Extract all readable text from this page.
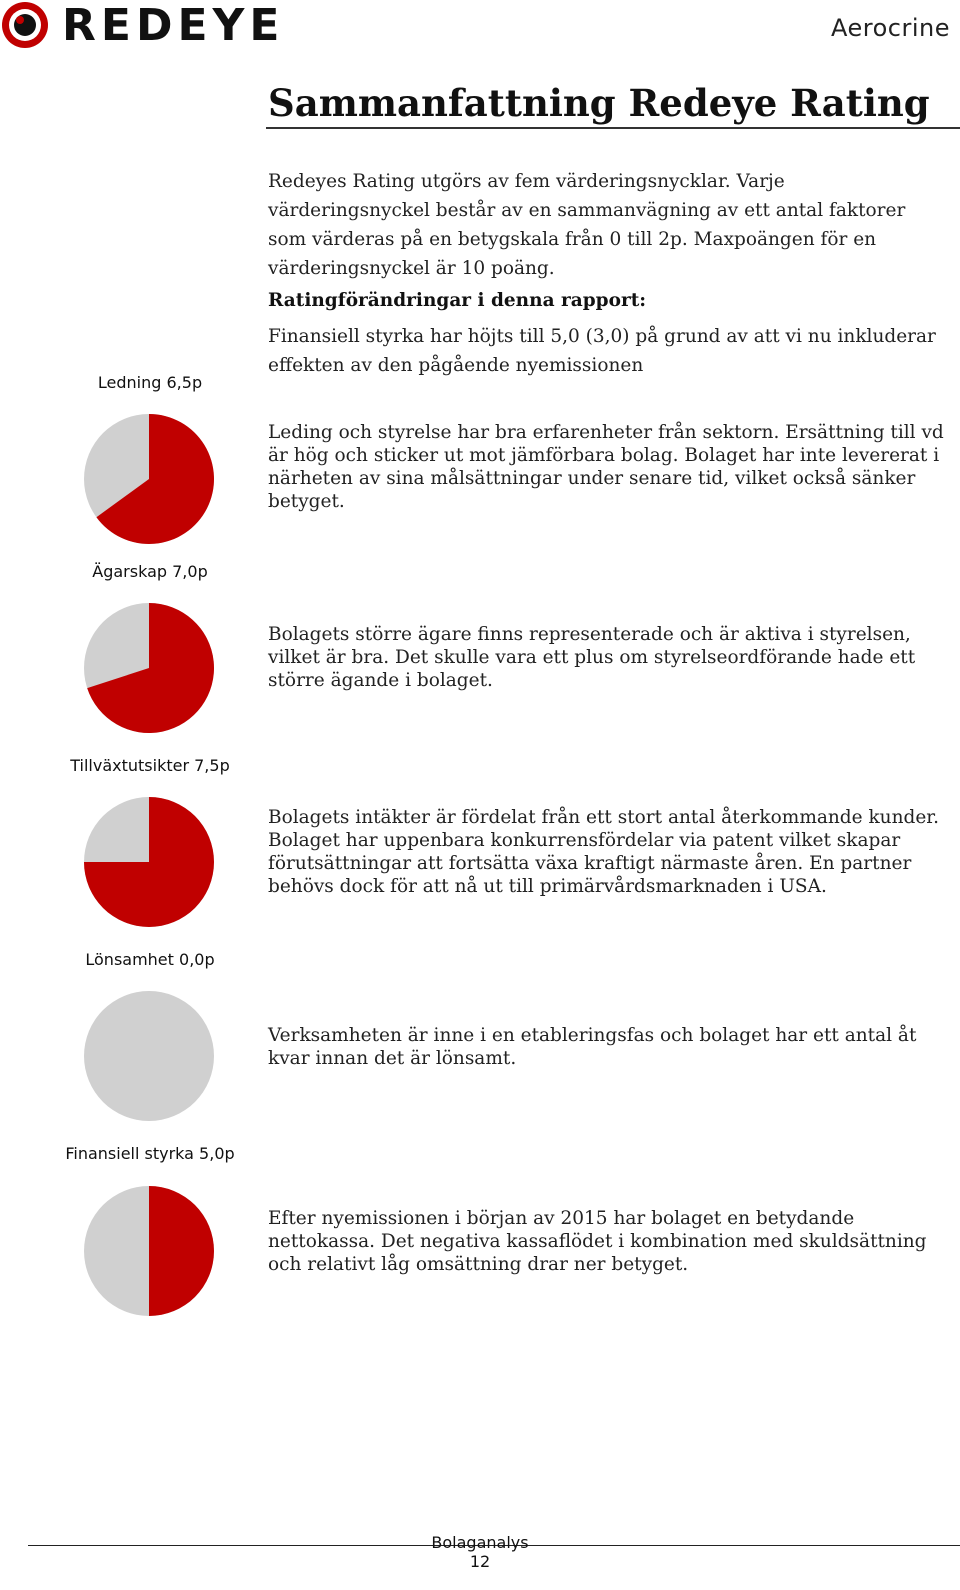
REDEYE	Aerocrine
Sammanfattning Redeye Rating
Redeyes Rating utgörs av fem värderingsnycklar. Varje värderingsnyckel består av en sammanvägning av ett antal faktorer som värderas på en betygskala från 0 till 2p. Maxpoängen för en värderingsnyckel är 10 poäng.
Ratingförändringar i denna rapport:
Finansiell styrka har höjts till 5,0 (3,0) på grund av att vi nu inkluderar effekten av den pågående nyemissionen
Ledning 6,5p
Leding och styrelse har bra erfarenheter från sektorn. Ersättning till vd är hög och sticker ut mot jämförbara bolag. Bolaget har inte levererat i närheten av sina målsättningar under senare tid, vilket också sänker betyget.
Ägarskap 7,0p
Bolagets större ägare finns representerade och är aktiva i styrelsen, vilket är bra. Det skulle vara ett plus om styrelseordförande hade ett större ägande i bolaget.
Tillväxtutsikter 7,5p
Bolagets intäkter är fördelat från ett stort antal återkommande kunder. Bolaget har uppenbara konkurrensfördelar via patent vilket skapar förutsättningar att fortsätta växa kraftigt närmaste åren. En partner behövs dock för att nå ut till primärvårdsmarknaden i USA.
Lönsamhet 0,0p
Verksamheten är inne i en etableringsfas och bolaget har ett antal åt kvar innan det är lönsamt.
Finansiell styrka 5,0p
Efter nyemissionen i början av 2015 har bolaget en betydande nettokassa. Det negativa kassaflödet i kombination med skuldsättning och relativt låg omsättning drar ner betyget.
Bolaganalys
12
